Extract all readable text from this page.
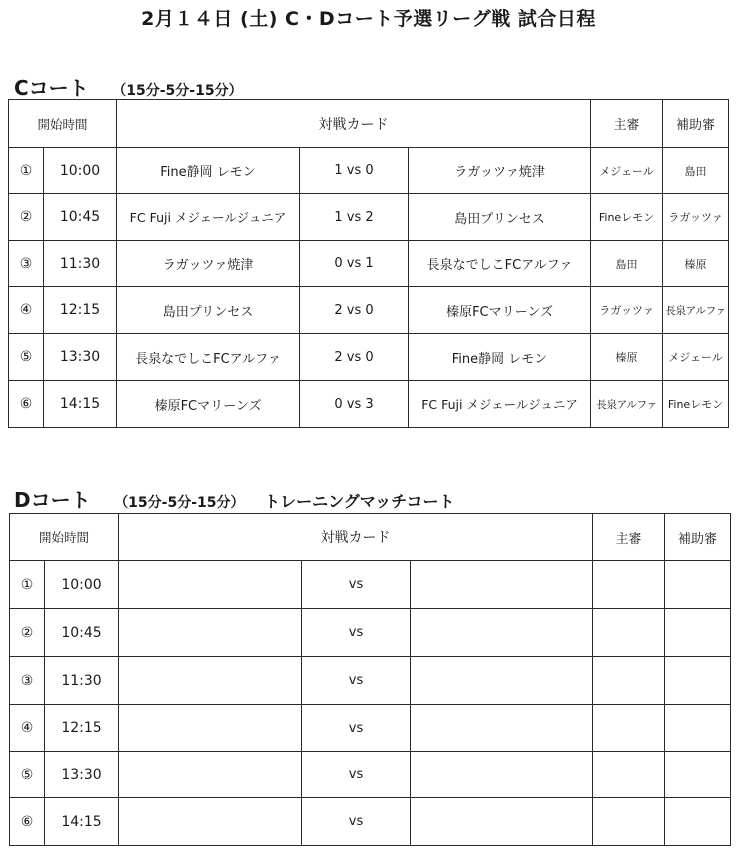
2月１４日 (土) C・Dコート予選リーグ戦 試合日程
Cコート （15分-5分-15分）
開始時間		対戦カード			主審	補助審
①	10:00	Fine静岡 レモン	1 vs 0	ラガッツァ焼津	メジェール	島田
②	10:45	FC Fuji メジェールジュニア	1 vs 2	島田プリンセス	Fineレモン	ラガッツァ
③	11:30	ラガッツァ焼津	0 vs 1	長泉なでしこFCアルファ	島田	榛原
④	12:15	島田プリンセス	2 vs 0	榛原FCマリーンズ	ラガッツァ	長泉アルファ
⑤	13:30	長泉なでしこFCアルファ	2 vs 0	Fine静岡 レモン	榛原	メジェール
⑥	14:15	榛原FCマリーンズ	0 vs 3	FC Fuji メジェールジュニア	長泉アルファ	Fineレモン
Dコート （15分-5分-15分） トレーニングマッチコート
開始時間		対戦カード			主審	補助審
①	10:00		vs			
②	10:45		vs			
③	11:30		vs			
④	12:15		vs			
⑤	13:30		vs			
⑥	14:15		vs			
